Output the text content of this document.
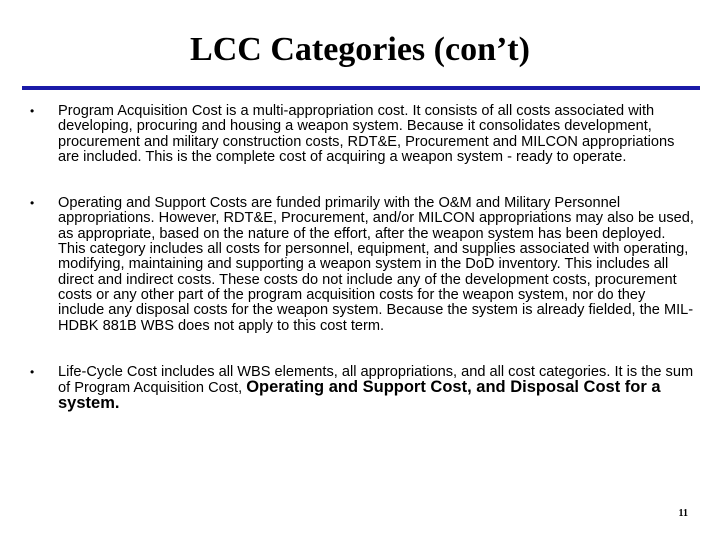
LCC Categories (con’t)
•	Program Acquisition Cost is a multi-appropriation cost. It consists of all costs associated with developing, procuring and housing a weapon system. Because it consolidates development, procurement and military construction costs, RDT&E, Procurement and MILCON appropriations are included. This is the complete cost of acquiring a weapon system - ready to operate.
•	Operating and Support Costs are funded primarily with the O&M and Military Personnel appropriations. However, RDT&E, Procurement, and/or MILCON appropriations may also be used, as appropriate, based on the nature of the effort, after the weapon system has been deployed. This category includes all costs for personnel, equipment, and supplies associated with operating, modifying, maintaining and supporting a weapon system in the DoD inventory. This includes all direct and indirect costs. These costs do not include any of the development costs, procurement costs or any other part of the program acquisition costs for the weapon system, nor do they include any disposal costs for the weapon system. Because the system is already fielded, the MIL-HDBK 881B WBS does not apply to this cost term.
•	Life-Cycle Cost includes all WBS elements, all appropriations, and all cost categories. It is the sum of Program Acquisition Cost, Operating and Support Cost, and Disposal Cost for a system.
11
